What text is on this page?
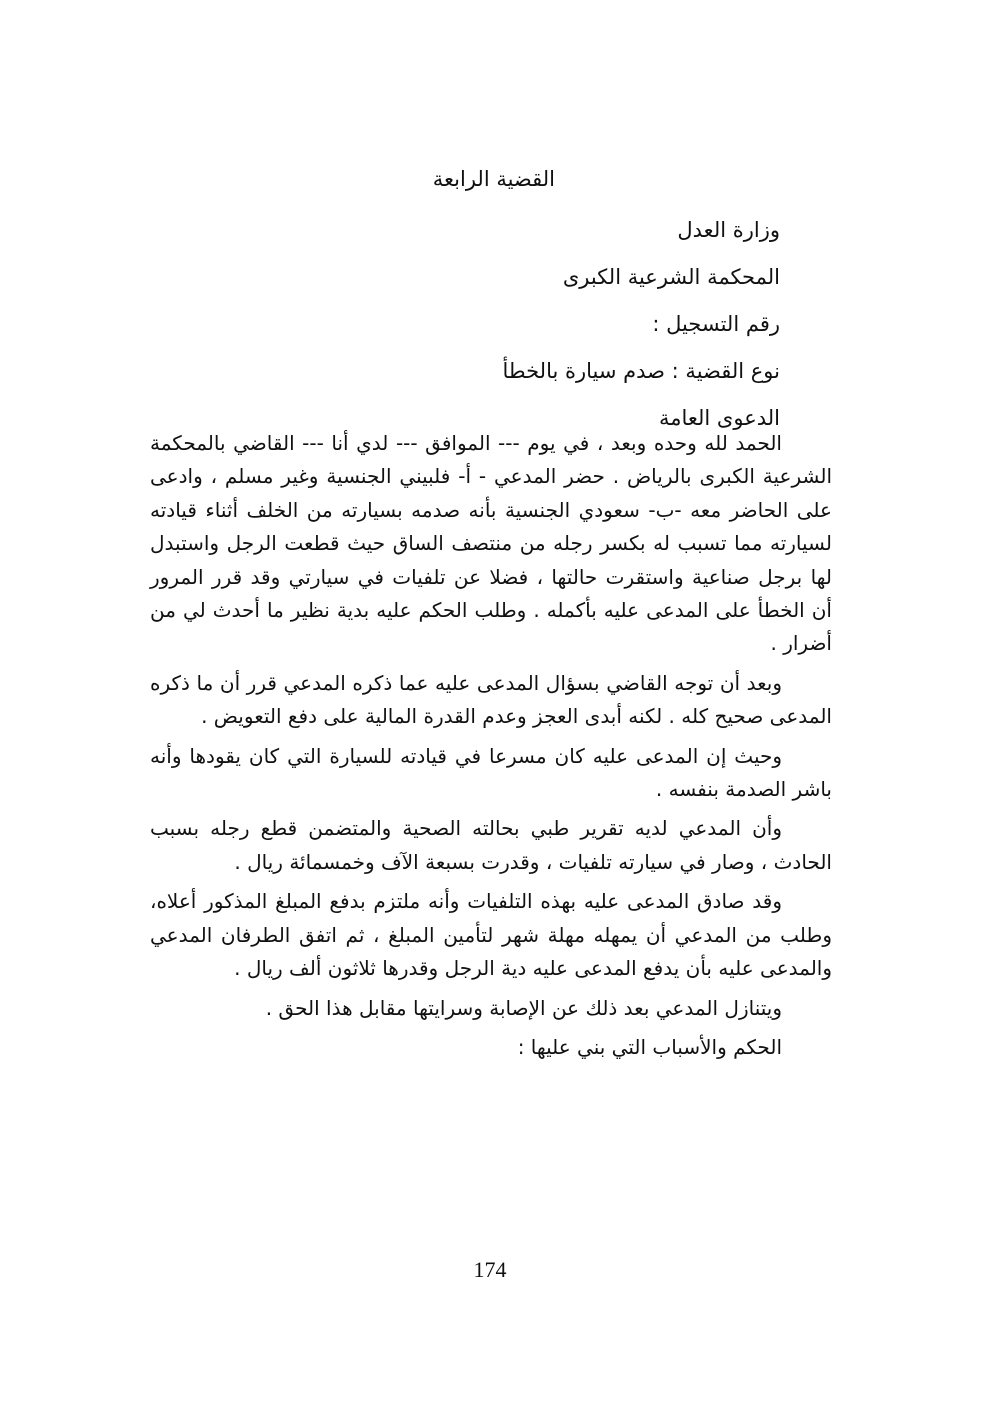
القضية الرابعة
وزارة العدل
المحكمة الشرعية الكبرى
رقم التسجيل :
نوع القضية : صدم سيارة بالخطأ
الدعوى العامة

الحمد لله وحده وبعد ، في يوم --- الموافق --- لدي أنا --- القاضي بالمحكمة الشرعية الكبرى بالرياض . حضر المدعي - أ- فلبيني الجنسية وغير مسلم ، وادعى على الحاضر معه -ب- سعودي الجنسية بأنه صدمه بسيارته من الخلف أثناء قيادته لسيارته مما تسبب له بكسر رجله من منتصف الساق حيث قطعت الرجل واستبدل لها برجل صناعية واستقرت حالتها ، فضلا عن تلفيات في سيارتي وقد قرر المرور أن الخطأ على المدعى عليه بأكمله . وطلب الحكم عليه بدية نظير ما أحدث لي من أضرار .

وبعد أن توجه القاضي بسؤال المدعى عليه عما ذكره المدعي قرر أن ما ذكره المدعى صحيح كله . لكنه أبدى العجز وعدم القدرة المالية على دفع التعويض .

وحيث إن المدعى عليه كان مسرعا في قيادته للسيارة التي كان يقودها وأنه باشر الصدمة بنفسه .

وأن المدعي لديه تقرير طبي بحالته الصحية والمتضمن قطع رجله بسبب الحادث ، وصار في سيارته تلفيات ، وقدرت بسبعة الآف وخمسمائة ريال .

وقد صادق المدعى عليه بهذه التلفيات وأنه ملتزم بدفع المبلغ المذكور أعلاه، وطلب من المدعي أن يمهله مهلة شهر لتأمين المبلغ ، ثم اتفق الطرفان المدعي والمدعى عليه بأن يدفع المدعى عليه دية الرجل وقدرها ثلاثون ألف ريال .

ويتنازل المدعي بعد ذلك عن الإصابة وسرايتها مقابل هذا الحق .

الحكم والأسباب التي بني عليها :

174
